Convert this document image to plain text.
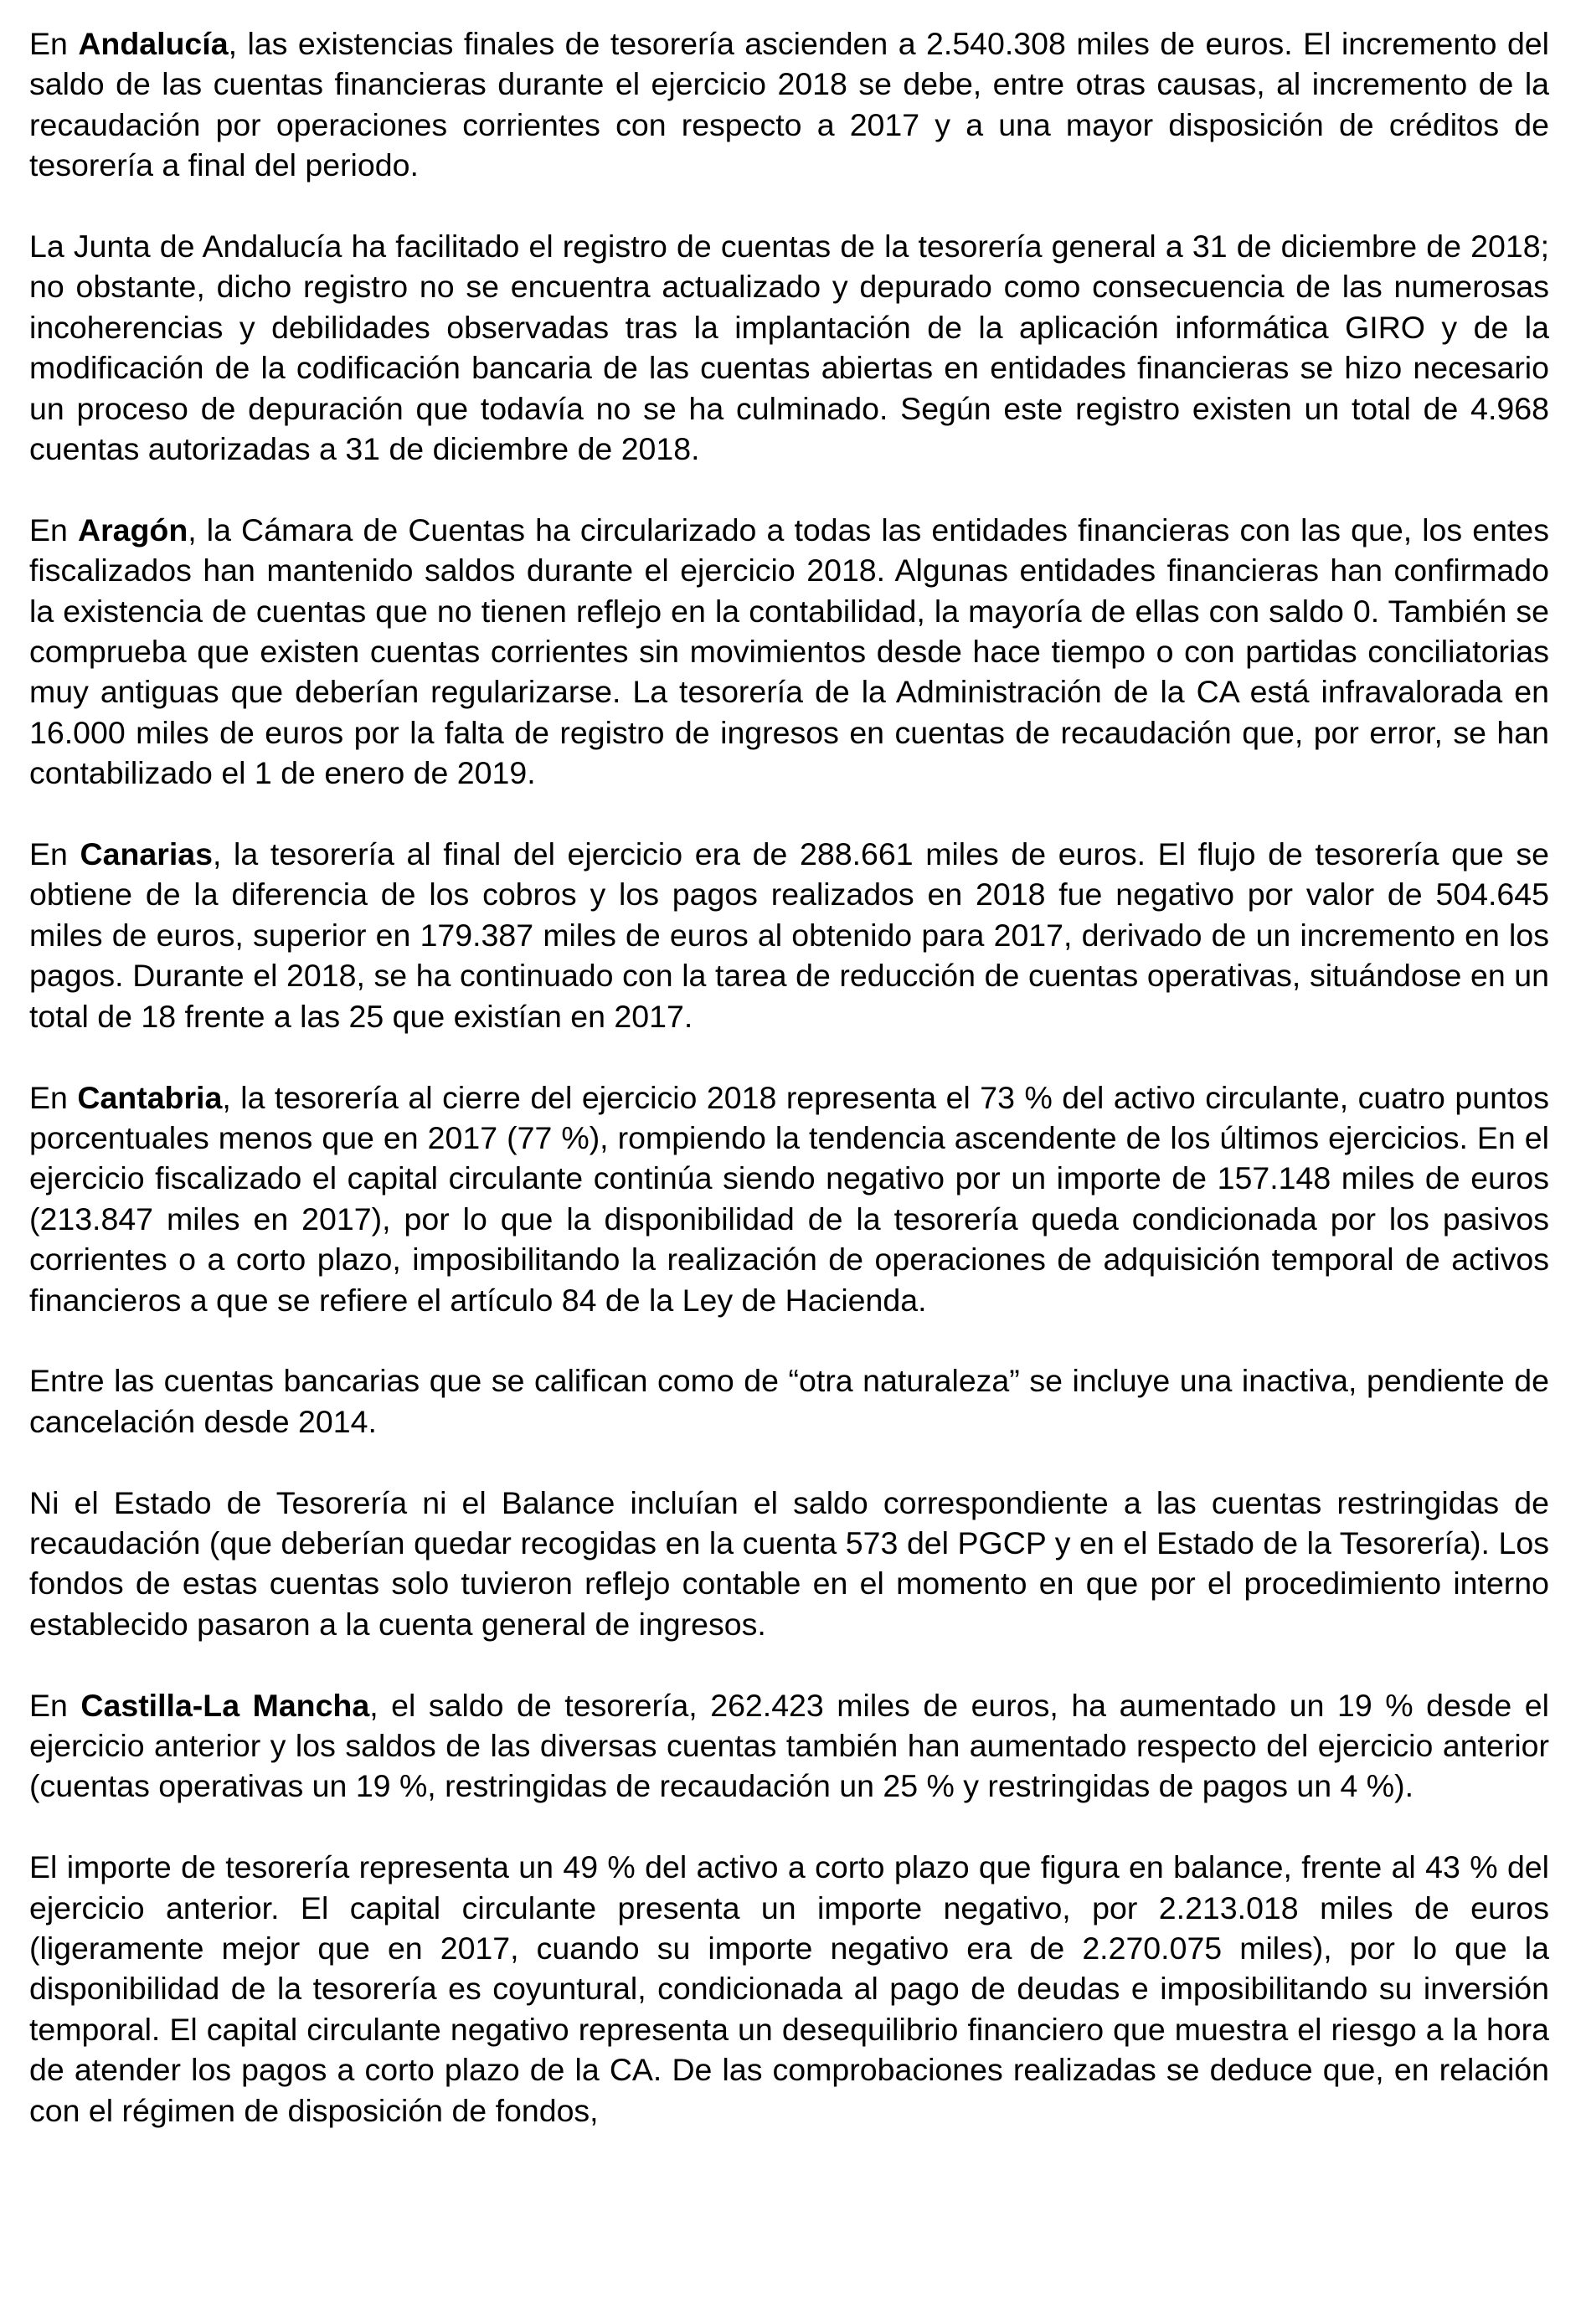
En Andalucía, las existencias finales de tesorería ascienden a 2.540.308 miles de euros. El incremento del saldo de las cuentas financieras durante el ejercicio 2018 se debe, entre otras causas, al incremento de la recaudación por operaciones corrientes con respecto a 2017 y a una mayor disposición de créditos de tesorería a final del periodo.

La Junta de Andalucía ha facilitado el registro de cuentas de la tesorería general a 31 de diciembre de 2018; no obstante, dicho registro no se encuentra actualizado y depurado como consecuencia de las numerosas incoherencias y debilidades observadas tras la implantación de la aplicación informática GIRO y de la modificación de la codificación bancaria de las cuentas abiertas en entidades financieras se hizo necesario un proceso de depuración que todavía no se ha culminado. Según este registro existen un total de 4.968 cuentas autorizadas a 31 de diciembre de 2018.

En Aragón, la Cámara de Cuentas ha circularizado a todas las entidades financieras con las que, los entes fiscalizados han mantenido saldos durante el ejercicio 2018. Algunas entidades financieras han confirmado la existencia de cuentas que no tienen reflejo en la contabilidad, la mayoría de ellas con saldo 0. También se comprueba que existen cuentas corrientes sin movimientos desde hace tiempo o con partidas conciliatorias muy antiguas que deberían regularizarse. La tesorería de la Administración de la CA está infravalorada en 16.000 miles de euros por la falta de registro de ingresos en cuentas de recaudación que, por error, se han contabilizado el 1 de enero de 2019.

En Canarias, la tesorería al final del ejercicio era de 288.661 miles de euros. El flujo de tesorería que se obtiene de la diferencia de los cobros y los pagos realizados en 2018 fue negativo por valor de 504.645 miles de euros, superior en 179.387 miles de euros al obtenido para 2017, derivado de un incremento en los pagos. Durante el 2018, se ha continuado con la tarea de reducción de cuentas operativas, situándose en un total de 18 frente a las 25 que existían en 2017.

En Cantabria, la tesorería al cierre del ejercicio 2018 representa el 73 % del activo circulante, cuatro puntos porcentuales menos que en 2017 (77 %), rompiendo la tendencia ascendente de los últimos ejercicios. En el ejercicio fiscalizado el capital circulante continúa siendo negativo por un importe de 157.148 miles de euros (213.847 miles en 2017), por lo que la disponibilidad de la tesorería queda condicionada por los pasivos corrientes o a corto plazo, imposibilitando la realización de operaciones de adquisición temporal de activos financieros a que se refiere el artículo 84 de la Ley de Hacienda.

Entre las cuentas bancarias que se califican como de “otra naturaleza” se incluye una inactiva, pendiente de cancelación desde 2014.

Ni el Estado de Tesorería ni el Balance incluían el saldo correspondiente a las cuentas restringidas de recaudación (que deberían quedar recogidas en la cuenta 573 del PGCP y en el Estado de la Tesorería). Los fondos de estas cuentas solo tuvieron reflejo contable en el momento en que por el procedimiento interno establecido pasaron a la cuenta general de ingresos.

En Castilla-La Mancha, el saldo de tesorería, 262.423 miles de euros, ha aumentado un 19 % desde el ejercicio anterior y los saldos de las diversas cuentas también han aumentado respecto del ejercicio anterior (cuentas operativas un 19 %, restringidas de recaudación un 25 % y restringidas de pagos un 4 %).

El importe de tesorería representa un 49 % del activo a corto plazo que figura en balance, frente al 43 % del ejercicio anterior. El capital circulante presenta un importe negativo, por 2.213.018 miles de euros (ligeramente mejor que en 2017, cuando su importe negativo era de 2.270.075 miles), por lo que la disponibilidad de la tesorería es coyuntural, condicionada al pago de deudas e imposibilitando su inversión temporal. El capital circulante negativo representa un desequilibrio financiero que muestra el riesgo a la hora de atender los pagos a corto plazo de la CA. De las comprobaciones realizadas se deduce que, en relación con el régimen de disposición de fondos,
